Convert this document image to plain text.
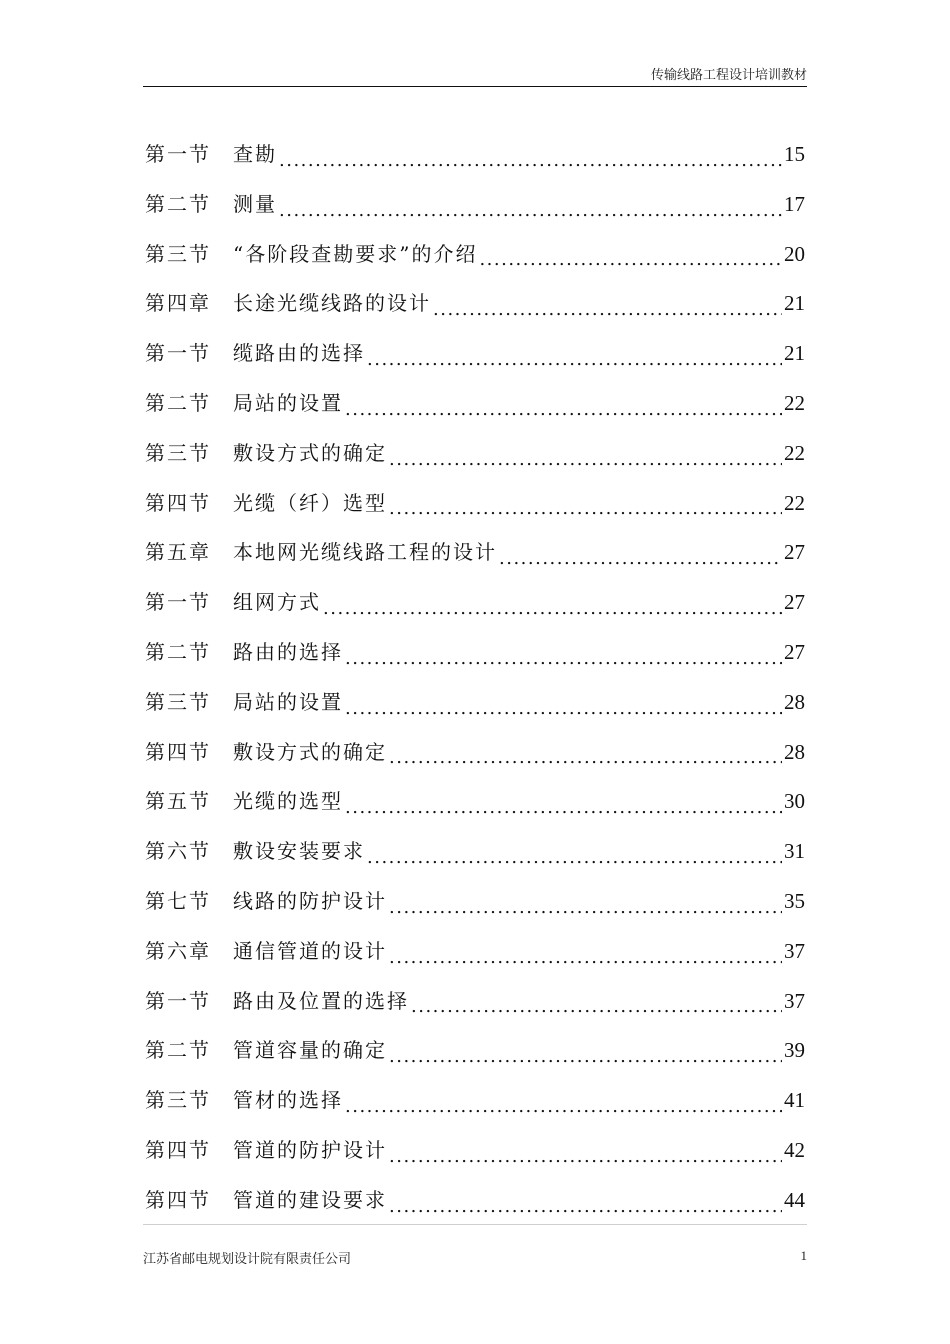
传输线路工程设计培训教材
第一节	查勘 .....	15
第二节	测量 .....	17
第三节	“各阶段查勘要求”的介绍 .....	20
第四章	长途光缆线路的设计 .....	21
第一节	缆路由的选择 .....	21
第二节	局站的设置 .....	22
第三节	敷设方式的确定 .....	22
第四节	光缆（纤）选型 .....	22
第五章	本地网光缆线路工程的设计 .....	27
第一节	组网方式 .....	27
第二节	路由的选择 .....	27
第三节	局站的设置 .....	28
第四节	敷设方式的确定 .....	28
第五节	光缆的选型 .....	30
第六节	敷设安装要求 .....	31
第七节	线路的防护设计 .....	35
第六章	通信管道的设计 .....	37
第一节	路由及位置的选择 .....	37
第二节	管道容量的确定 .....	39
第三节	管材的选择 .....	41
第四节	管道的防护设计 .....	42
第四节	管道的建设要求 .....	44
江苏省邮电规划设计院有限责任公司	1
